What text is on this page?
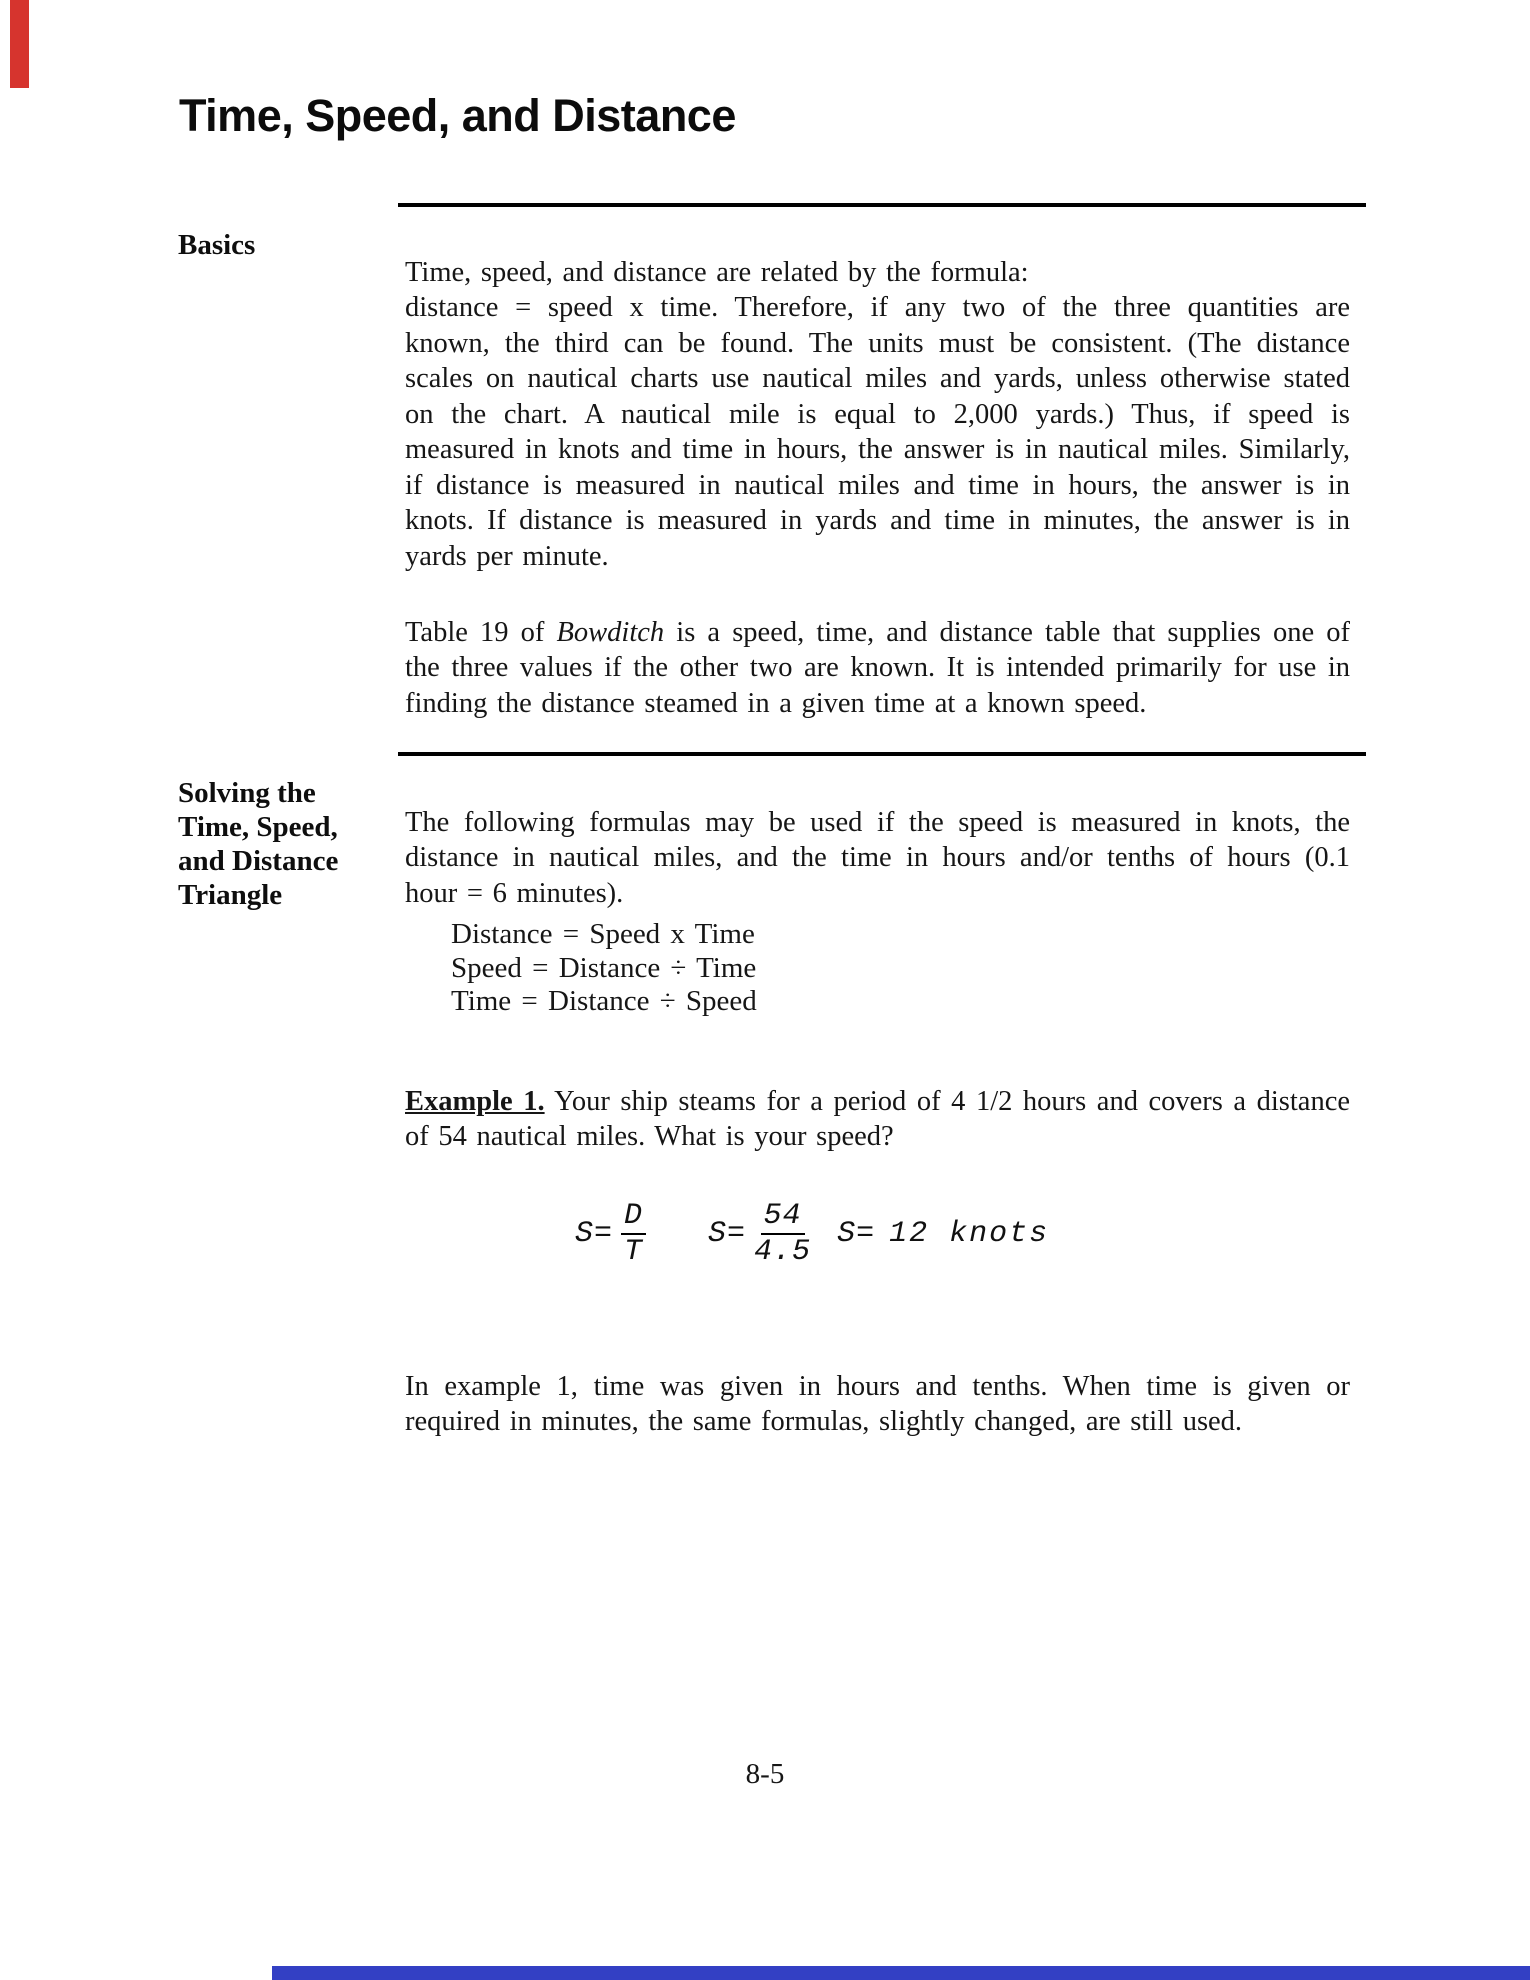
Time, Speed, and Distance
Basics

Time, speed, and distance are related by the formula:
distance = speed x time. Therefore, if any two of the three quantities are known, the third can be found. The units must be consistent. (The distance scales on nautical charts use nautical miles and yards, unless otherwise stated on the chart. A nautical mile is equal to 2,000 yards.) Thus, if speed is measured in knots and time in hours, the answer is in nautical miles. Similarly, if distance is measured in nautical miles and time in hours, the answer is in knots. If distance is measured in yards and time in minutes, the answer is in yards per minute.

Table 19 of Bowditch is a speed, time, and distance table that supplies one of the three values if the other two are known. It is intended primarily for use in finding the distance steamed in a given time at a known speed.

Solving the
Time, Speed,
and Distance
Triangle

The following formulas may be used if the speed is measured in knots, the distance in nautical miles, and the time in hours and/or tenths of hours (0.1 hour = 6 minutes).

Distance = Speed x Time
Speed = Distance ÷ Time
Time = Distance ÷ Speed

Example 1. Your ship steams for a period of 4 1/2 hours and covers a distance of 54 nautical miles. What is your speed?

$S= \frac{D}{T} S= \frac{54}{4.5} S= 12$ knots

In example 1, time was given in hours and tenths. When time is given or required in minutes, the same formulas, slightly changed, are still used.

8-5
